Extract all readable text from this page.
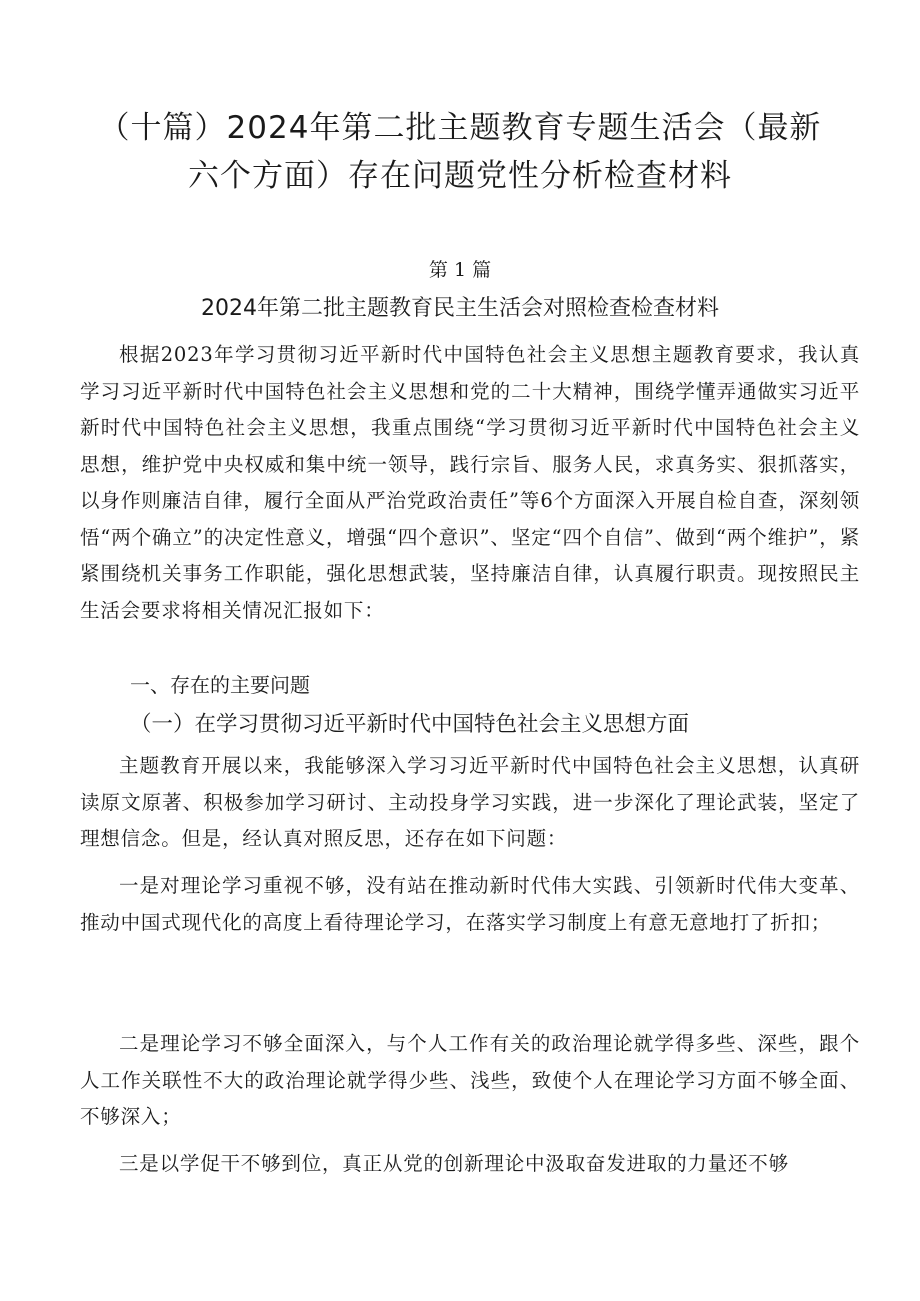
（十篇）2024年第二批主题教育专题生活会（最新六个方面）存在问题党性分析检查材料

第 1 篇

2024年第二批主题教育民主生活会对照检查检查材料

根据2023年学习贯彻习近平新时代中国特色社会主义思想主题教育要求，我认真学习习近平新时代中国特色社会主义思想和党的二十大精神，围绕学懂弄通做实习近平新时代中国特色社会主义思想，我重点围绕“学习贯彻习近平新时代中国特色社会主义思想，维护党中央权威和集中统一领导，践行宗旨、服务人民，求真务实、狠抓落实，以身作则廉洁自律，履行全面从严治党政治责任”等6个方面深入开展自检自查，深刻领悟“两个确立”的决定性意义，增强“四个意识”、坚定“四个自信”、做到“两个维护”，紧紧围绕机关事务工作职能，强化思想武装，坚持廉洁自律，认真履行职责。现按照民主生活会要求将相关情况汇报如下：

一、存在的主要问题
（一）在学习贯彻习近平新时代中国特色社会主义思想方面

主题教育开展以来，我能够深入学习习近平新时代中国特色社会主义思想，认真研读原文原著、积极参加学习研讨、主动投身学习实践，进一步深化了理论武装，坚定了理想信念。但是，经认真对照反思，还存在如下问题：

一是对理论学习重视不够，没有站在推动新时代伟大实践、引领新时代伟大变革、推动中国式现代化的高度上看待理论学习，在落实学习制度上有意无意地打了折扣；

二是理论学习不够全面深入，与个人工作有关的政治理论就学得多些、深些，跟个人工作关联性不大的政治理论就学得少些、浅些，致使个人在理论学习方面不够全面、不够深入；

三是以学促干不够到位，真正从党的创新理论中汲取奋发进取的力量还不够
